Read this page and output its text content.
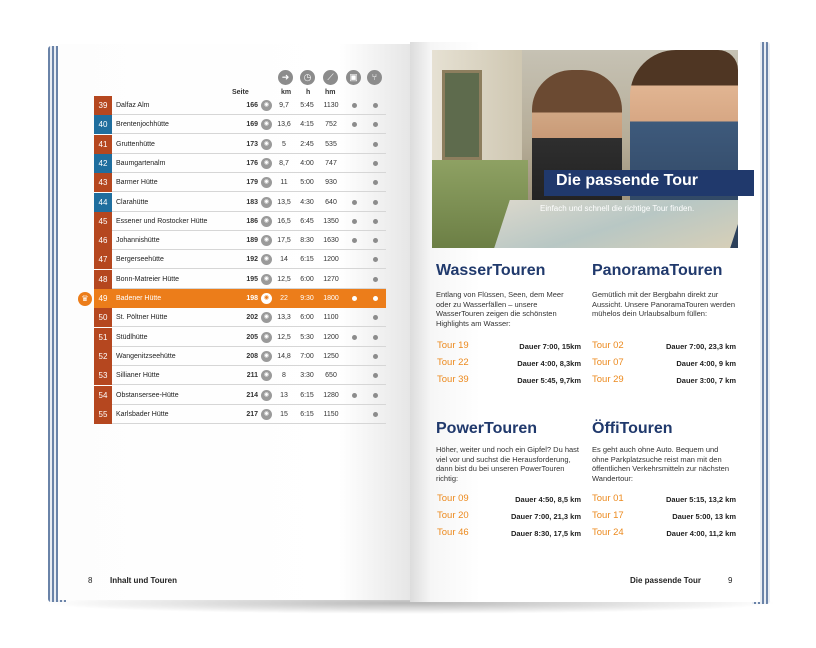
➜	◷	⟋	▣	⑂
Seite	km h hm
39	Dalfaz Alm	166 ◉	9,7	5:45	1130
40	Brentenjochhütte	169 ◉	13,6	4:15	752
41	Gruttenhütte	173 ◉	5	2:45	535
42	Baumgartenalm	176 ◉	8,7	4:00	747
43	Barmer Hütte	179 ◉	11	5:00	930
44	Clarahütte	183 ◉	13,5	4:30	640
45	Essener und Rostocker Hütte	186 ◉	16,5	6:45	1350
46	Johannishütte	189 ◉	17,5	8:30	1630
47	Bergerseehütte	192 ◉	14	6:15	1200
48	Bonn-Matreier Hütte	195 ◉	12,5	6:00	1270
49	Badener Hütte	198 ◉	22	9:30	1800
50	St. Pöltner Hütte	202 ◉	13,3	6:00	1100
51	Stüdlhütte	205 ◉	12,5	5:30	1200
52	Wangenitzseehütte	208 ◉	14,8	7:00	1250
53	Sillianer Hütte	211 ◉	8	3:30	650
54	Obstansersee-Hütte	214 ◉	13	6:15	1280
55	Karlsbader Hütte	217 ◉	15	6:15	1150
♛
8 Inhalt und Touren
Die passende Tour
Einfach und schnell die richtige Tour finden.
WasserTouren
Entlang von Flüssen, Seen, dem Meer oder zu Wasserfällen – unsere WasserTouren zeigen die schönsten Highlights am Wasser:
Tour 19	Dauer 7:00, 15km
Tour 22	Dauer 4:00, 8,3km
Tour 39	Dauer 5:45, 9,7km
PanoramaTouren
Gemütlich mit der Bergbahn direkt zur Aussicht. Unsere PanoramaTouren werden mühelos dein Urlaubsalbum füllen:
Tour 02	Dauer 7:00, 23,3 km
Tour 07	Dauer 4:00, 9 km
Tour 29	Dauer 3:00, 7 km
PowerTouren
Höher, weiter und noch ein Gipfel? Du hast viel vor und suchst die Herausforderung, dann bist du bei unseren PowerTouren richtig:
Tour 09	Dauer 4:50, 8,5 km
Tour 20	Dauer 7:00, 21,3 km
Tour 46	Dauer 8:30, 17,5 km
ÖffiTouren
Es geht auch ohne Auto. Bequem und ohne Parkplatzsuche reist man mit den öffentlichen Verkehrsmitteln zur nächsten Wandertour:
Tour 01	Dauer 5:15, 13,2 km
Tour 17	Dauer 5:00, 13 km
Tour 24	Dauer 4:00, 11,2 km
Die passende Tour	9
